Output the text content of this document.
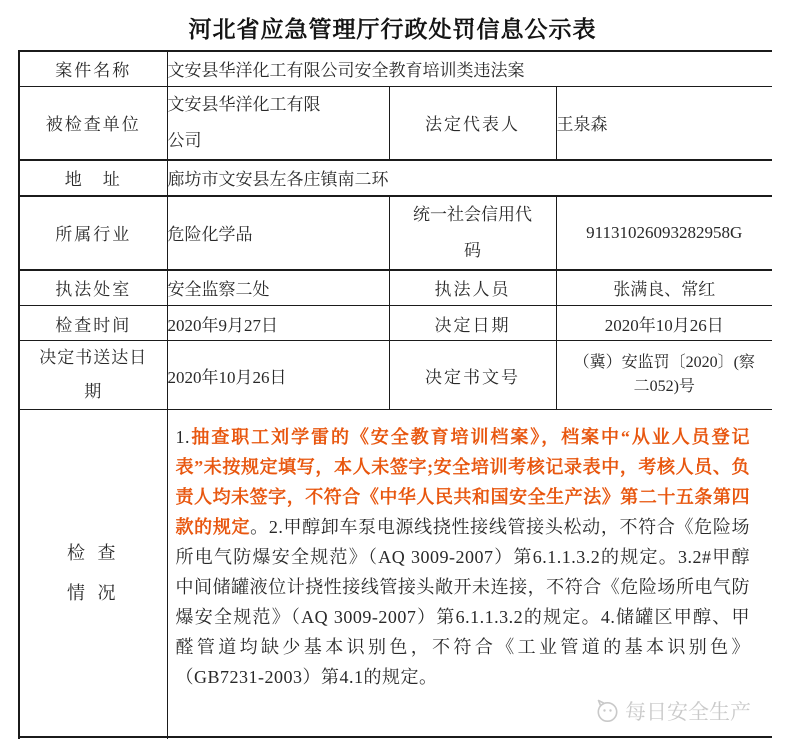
河北省应急管理厅行政处罚信息公示表
案件名称	文安县华洋化工有限公司安全教育培训类违法案		
被检查单位	文安县华洋化工有限公司	法定代表人	王泉森
地　址	廊坊市文安县左各庄镇南二环		
所属行业	危险化学品	统一社会信用代码	91131026093282958G
执法处室	安全监察二处	执法人员	张满良、常红
检查时间	2020年9月27日	决定日期	2020年10月26日

决定书送达日期	2020年10月26日	决定书文号	（冀）安监罚〔2020〕(察二052)号

检 查
情 况	1.抽查职工刘学雷的《安全教育培训档案》，档案中“从业人员登记表”未按规定填写，本人未签字;安全培训考核记录表中，考核人员、负责人均未签字，不符合《中华人民共和国安全生产法》第二十五条第四款的规定。2.甲醇卸车泵电源线挠性接线管接头松动，不符合《危险场所电气防爆安全规范》（AQ 3009-2007）第6.1.1.3.2的规定。3.2#甲醇中间储罐液位计挠性接线管接头敞开未连接，不符合《危险场所电气防爆安全规范》（AQ 3009-2007）第6.1.1.3.2的规定。4.储罐区甲醇、甲醛管道均缺少基本识别色，不符合《工业管道的基本识别色》（GB7231-2003）第4.1的规定。		

每日安全生产
